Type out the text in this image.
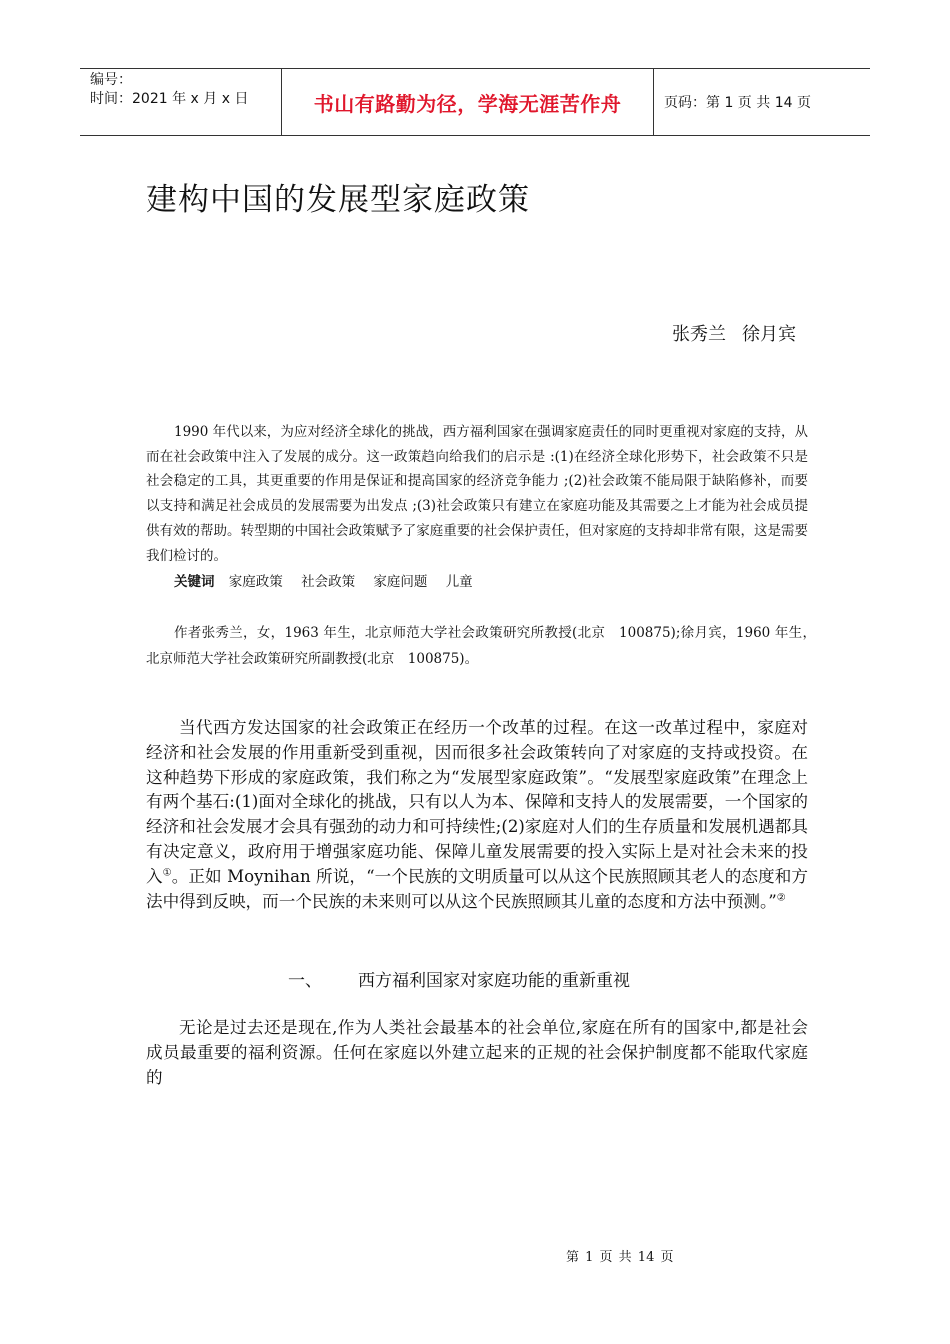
编号：
时间：2021 年 x 月 x 日	书山有路勤为径，学海无涯苦作舟	页码：第 1 页 共 14 页
建构中国的发展型家庭政策
张秀兰 徐月宾

1990 年代以来，为应对经济全球化的挑战，西方福利国家在强调家庭责任的同时更重视对家庭的支持，从而在社会政策中注入了发展的成分。这一政策趋向给我们的启示是 :(1)在经济全球化形势下，社会政策不只是社会稳定的工具，其更重要的作用是保证和提高国家的经济竞争能力 ;(2)社会政策不能局限于缺陷修补，而要以支持和满足社会成员的发展需要为出发点 ;(3)社会政策只有建立在家庭功能及其需要之上才能为社会成员提供有效的帮助。转型期的中国社会政策赋予了家庭重要的社会保护责任，但对家庭的支持却非常有限，这是需要我们检讨的。

关键词 家庭政策 社会政策 家庭问题 儿童

作者张秀兰，女，1963 年生，北京师范大学社会政策研究所教授(北京　100875);徐月宾，1960 年生，北京师范大学社会政策研究所副教授(北京　100875)。

当代西方发达国家的社会政策正在经历一个改革的过程。在这一改革过程中，家庭对经济和社会发展的作用重新受到重视，因而很多社会政策转向了对家庭的支持或投资。在这种趋势下形成的家庭政策，我们称之为“发展型家庭政策”。“发展型家庭政策”在理念上有两个基石:(1)面对全球化的挑战，只有以人为本、保障和支持人的发展需要，一个国家的经济和社会发展才会具有强劲的动力和可持续性;(2)家庭对人们的生存质量和发展机遇都具有决定意义，政府用于增强家庭功能、保障儿童发展需要的投入实际上是对社会未来的投入①。正如 Moynihan 所说，“一个民族的文明质量可以从这个民族照顾其老人的态度和方法中得到反映，而一个民族的未来则可以从这个民族照顾其儿童的态度和方法中预测。”②

一、 西方福利国家对家庭功能的重新重视

无论是过去还是现在,作为人类社会最基本的社会单位,家庭在所有的国家中,都是社会成员最重要的福利资源。任何在家庭以外建立起来的正规的社会保护制度都不能取代家庭的

第 1 页 共 14 页
